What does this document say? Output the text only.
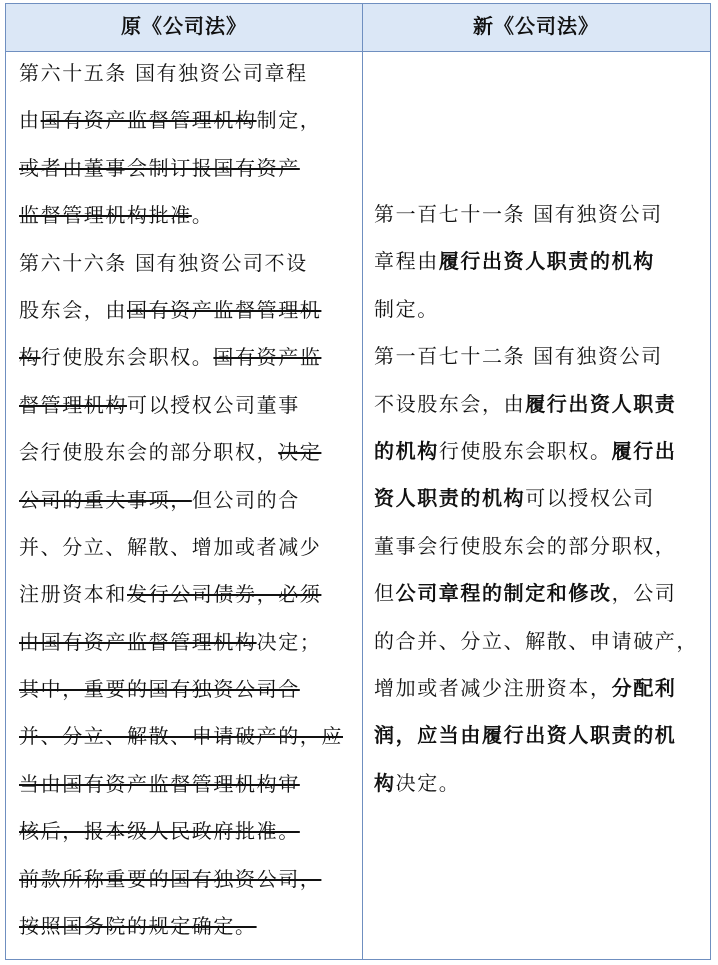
原《公司法》	新《公司法》
第六十五条 国有独资公司章程
由国有资产监督管理机构制定，
或者由董事会制订报国有资产
监督管理机构批准。
第六十六条 国有独资公司不设
股东会，由国有资产监督管理机
构行使股东会职权。国有资产监
督管理机构可以授权公司董事
会行使股东会的部分职权，决定
公司的重大事项，但公司的合
并、分立、解散、增加或者减少
注册资本和发行公司债券，必须
由国有资产监督管理机构决定；
其中，重要的国有独资公司合
并、分立、解散、申请破产的，应
当由国有资产监督管理机构审
核后，报本级人民政府批准。
前款所称重要的国有独资公司，
按照国务院的规定确定。
第一百七十一条 国有独资公司
章程由履行出资人职责的机构
制定。
第一百七十二条 国有独资公司
不设股东会，由履行出资人职责
的机构行使股东会职权。履行出
资人职责的机构可以授权公司
董事会行使股东会的部分职权，
但公司章程的制定和修改，公司
的合并、分立、解散、申请破产，
增加或者减少注册资本，分配利
润，应当由履行出资人职责的机
构决定。
